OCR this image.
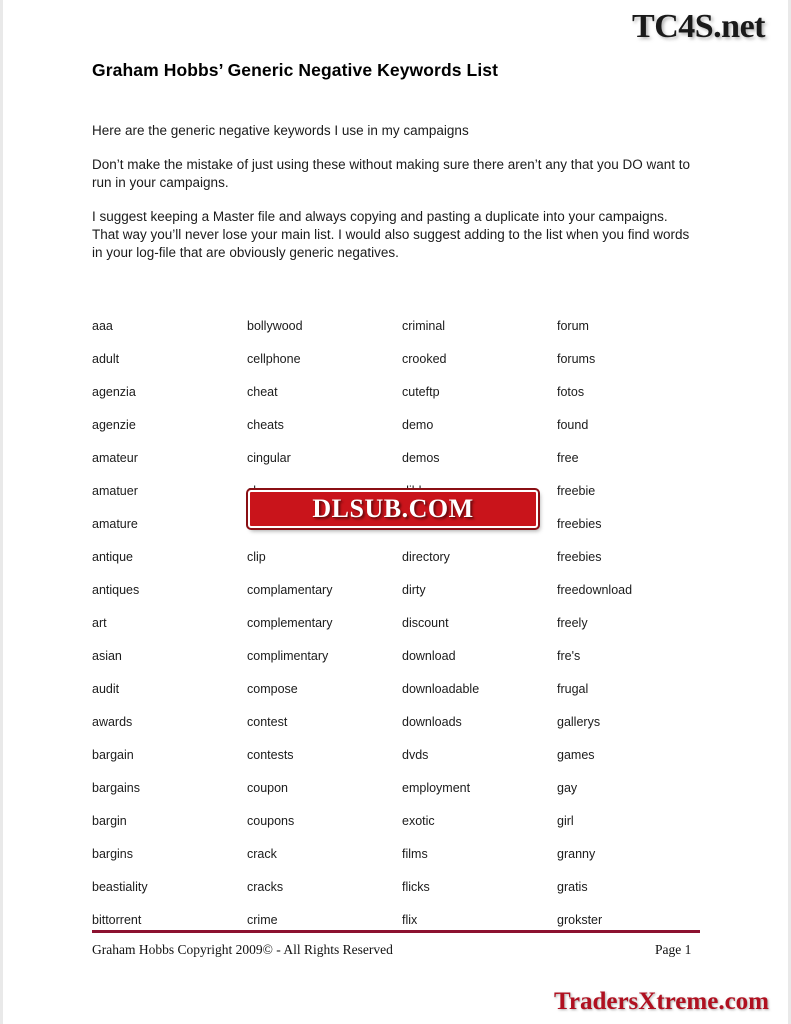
TC4S.net
Graham Hobbs’ Generic Negative Keywords List

Here are the generic negative keywords I use in my campaigns

Don’t make the mistake of just using these without making sure there aren’t any that you DO want to run in your campaigns.

I suggest keeping a Master file and always copying and pasting a duplicate into your campaigns. That way you’ll never lose your main list. I would also suggest adding to the list when you find words in your log-file that are obviously generic negatives.

aaa
adult
agenzia
agenzie
amateur
amatuer
amature
antique
antiques
art
asian
audit
awards
bargain
bargains
bargin
bargins
beastiality
bittorrent
bollywood
cellphone
cheat
cheats
cingular
clip
complamentary
complementary
complimentary
compose
contest
contests
coupon
coupons
crack
cracks
crime
criminal
crooked
cuteftp
demo
demos
directory
dirty
discount
download
downloadable
downloads
dvds
employment
exotic
films
flicks
flix
forum
forums
fotos
found
free
freebie
freebies
freebies
freedownload
freely
fre's
frugal
gallerys
games
gay
girl
granny
gratis
grokster
DLSUB.COM
Graham Hobbs Copyright 2009© - All Rights Reserved	Page 1
TradersXtreme.com
